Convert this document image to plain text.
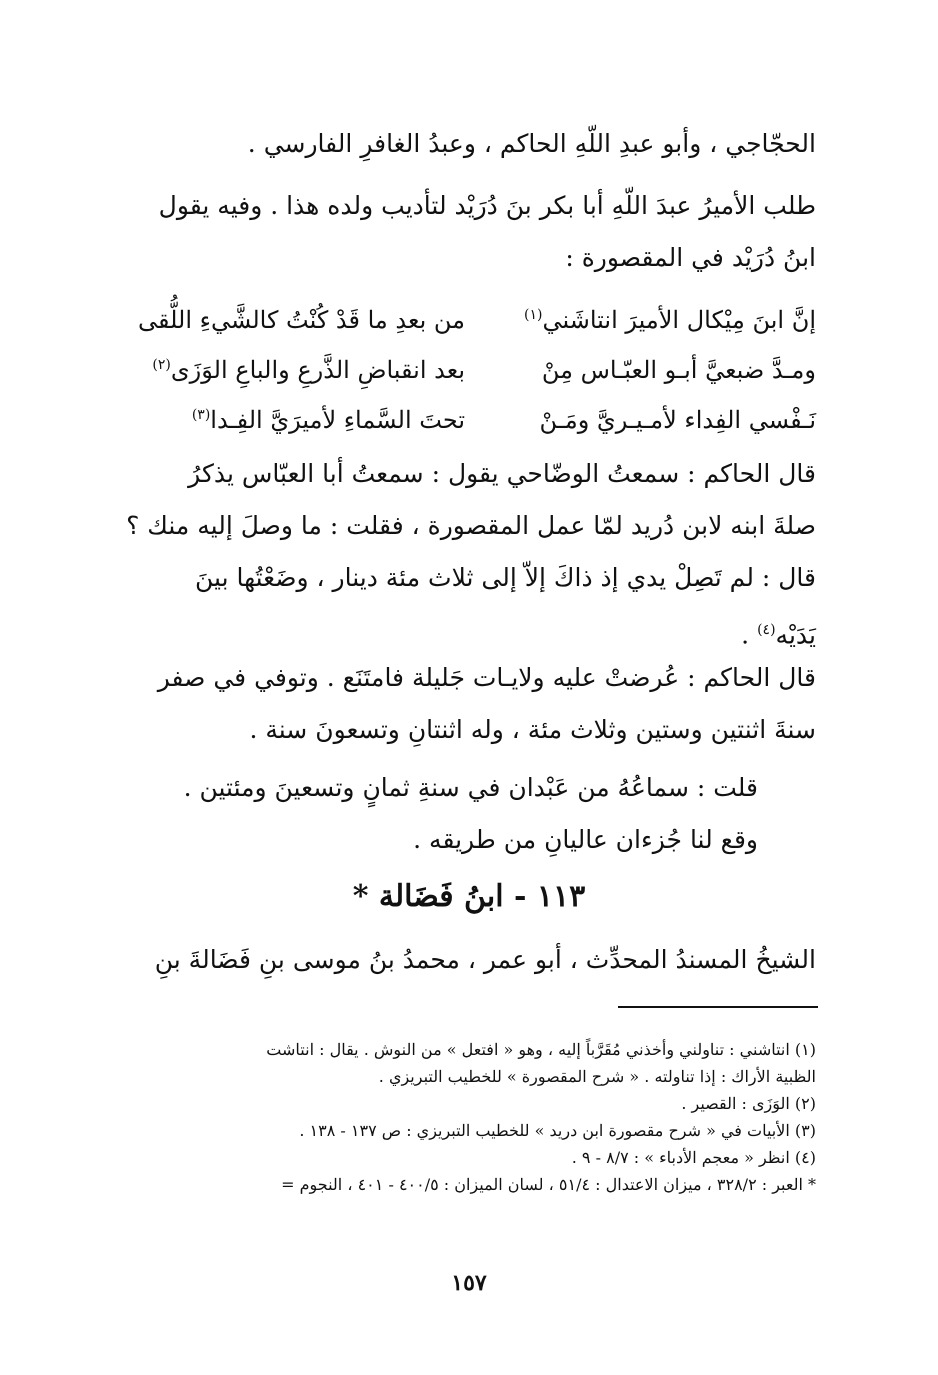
الحجّاجي ، وأبو عبدِ اللّهِ الحاكم ، وعبدُ الغافرِ الفارسي .
طلب الأميرُ عبدَ اللّهِ أبا بكر بنَ دُرَيْد لتأديب ولده هذا . وفيه يقول
ابنُ دُرَيْد في المقصورة :
إنَّ ابنَ مِيْكال الأميرَ انتاشَني$^{(١)}$
من بعدِ ما قَدْ كُنْتُ كالشَّيءِ اللُّقى
ومـدَّ ضبعيَّ أبـو العبّـاس مِنْ
بعد انقباضِ الذَّرعِ والباعِ الوَزَى$^{(٢)}$
نَـفْسي الفِداء لأمـيـريَّ ومَـنْ
تحتَ السَّماءِ لأميرَيَّ الفِـدا$^{(٣)}$
قال الحاكم : سمعتُ الوضّاحي يقول : سمعتُ أبا العبّاس يذكرُ
صلةَ ابنه لابن دُريد لمّا عمل المقصورة ، فقلت : ما وصلَ إليه منك ؟
قال : لم تَصِلْ يدي إذ ذاكَ إلاّ إلى ثلاث مئة دينار ، وضَعْتُها بينَ
يَدَيْه$^{(٤)}$ .
قال الحاكم : عُرضتْ عليه ولايـات جَليلة فامتَنَع . وتوفي في صفر
سنةَ اثنتين وستين وثلاث مئة ، وله اثنتانِ وتسعونَ سنة .
قلت : سماعُهُ من عَبْدان في سنةِ ثمانٍ وتسعينَ ومئتين .
وقع لنا جُزءان عاليانِ من طريقه .
١١٣ - ابنُ فَضَالة *
الشيخُ المسندُ المحدِّث ، أبو عمر ، محمدُ بنُ موسى بنِ فَضَالةَ بنِ
(١) انتاشني : تناولني وأخذني مُقَرَّباً إليه ، وهو « افتعل » من النوش . يقال : انتاشت
الظبية الأراك : إذا تناولته . « شرح المقصورة » للخطيب التبريزي .
(٢) الوَزَى : القصير .
(٣) الأبيات في « شرح مقصورة ابن دريد » للخطيب التبريزي : ص ١٣٧ - ١٣٨ .
(٤) انظر « معجم الأدباء » : ٨/٧ - ٩ .
* العبر : ٣٢٨/٢ ، ميزان الاعتدال : ٥١/٤ ، لسان الميزان : ٤٠٠/٥ - ٤٠١ ، النجوم =
١٥٧
